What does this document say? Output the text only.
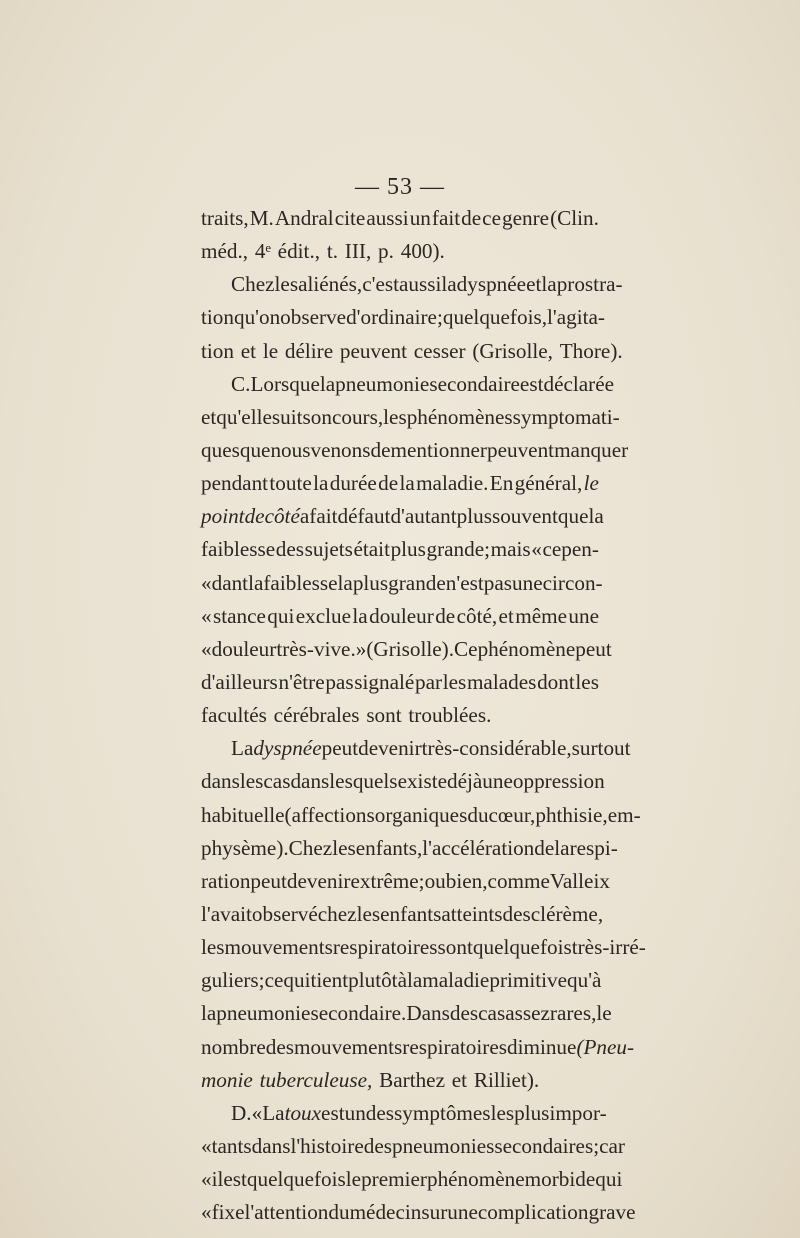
— 53 —
traits, M. Andral cite aussi un fait de ce genre (Clin.
méd., 4ᵉ édit., t. III, p. 400).
Chez les aliénés, c'est aussi la dyspnée et la prostra-
tion qu'on observe d'ordinaire; quelquefois, l'agita-
tion et le délire peuvent cesser (Grisolle, Thore).
C. Lorsque la pneumonie secondaire est déclarée
et qu'elle suit son cours, les phénomènes symptomati-
ques que nous venons de mentionner peuvent manquer
pendant toute la durée de la maladie. En général, le
point de côté a fait défaut d'autant plus souvent que la
faiblesse des sujets était plus grande; mais « cepen-
« dant la faiblesse la plus grande n'est pas une circon-
« stance qui exclue la douleur de côté, et même une
« douleur très-vive. » (Grisolle). Ce phénomène peut
d'ailleurs n'être pas signalé par les malades dont les
facultés cérébrales sont troublées.
La dyspnée peut devenir très-considérable, surtout
dans les cas dans lesquels existe déjà une oppression
habituelle (affections organiques du cœur, phthisie, em-
physème). Chez les enfants, l'accélération de la respi-
ration peut devenir extrême; ou bien, comme Valleix
l'avait observé chez les enfants atteints de sclérème,
les mouvements respiratoires sont quelquefois très-irré-
guliers; ce qui tient plutôt à la maladie primitive qu'à
la pneumonie secondaire. Dans des cas assez rares, le
nombre des mouvements respiratoires diminue (Pneu-
monie tuberculeuse, Barthez et Rilliet).
D. « La toux est un des symptômes les plus impor-
« tants dans l'histoire des pneumonies secondaires; car
« il est quelquefois le premier phénomène morbide qui
« fixe l'attention du médecin sur une complication grave
